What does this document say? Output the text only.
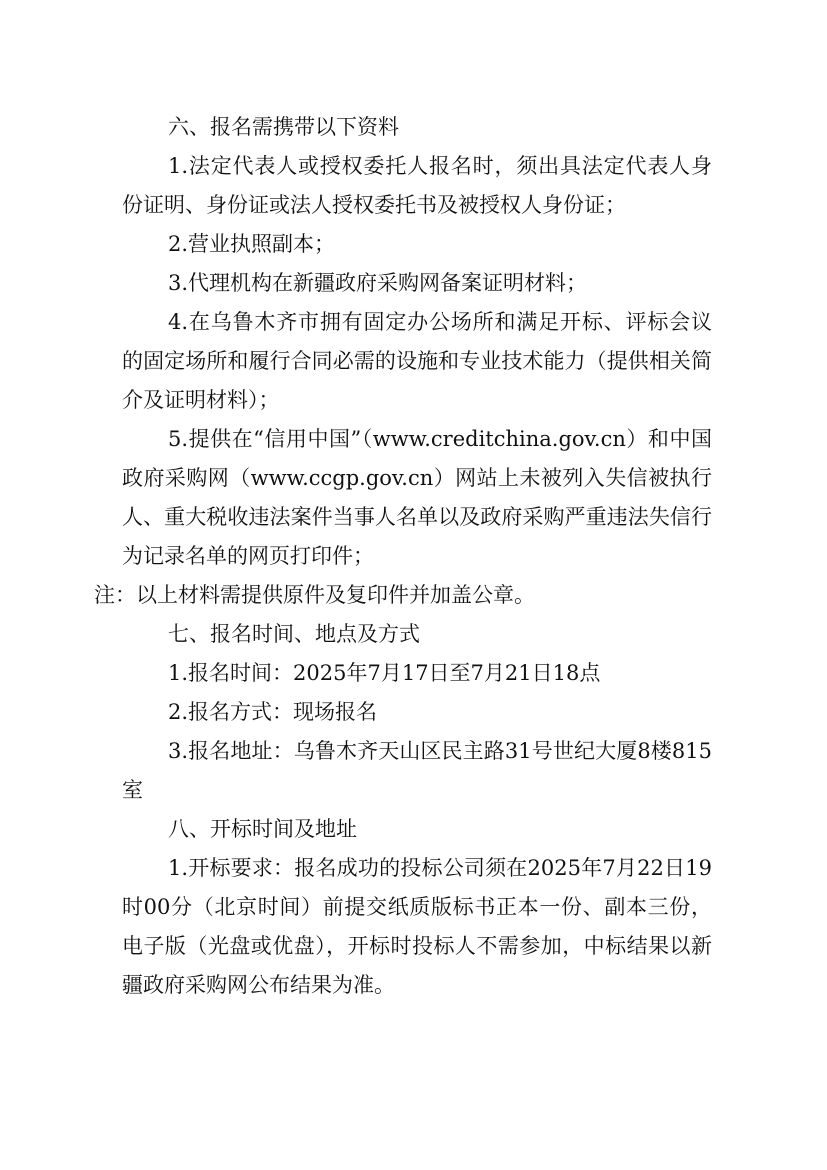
六、报名需携带以下资料

1.法定代表人或授权委托人报名时，须出具法定代表人身份证明、身份证或法人授权委托书及被授权人身份证；

2.营业执照副本；

3.代理机构在新疆政府采购网备案证明材料；

4.在乌鲁木齐市拥有固定办公场所和满足开标、评标会议的固定场所和履行合同必需的设施和专业技术能力（提供相关简介及证明材料）；

5.提供在“信用中国”（www.creditchina.gov.cn）和中国政府采购网（www.ccgp.gov.cn）网站上未被列入失信被执行人、重大税收违法案件当事人名单以及政府采购严重违法失信行为记录名单的网页打印件；

注：以上材料需提供原件及复印件并加盖公章。

七、报名时间、地点及方式

1.报名时间：2025年7月17日至7月21日18点

2.报名方式：现场报名

3.报名地址：乌鲁木齐天山区民主路31号世纪大厦8楼815室

八、开标时间及地址

1.开标要求：报名成功的投标公司须在2025年7月22日19时00分（北京时间）前提交纸质版标书正本一份、副本三份，电子版（光盘或优盘），开标时投标人不需参加，中标结果以新疆政府采购网公布结果为准。
